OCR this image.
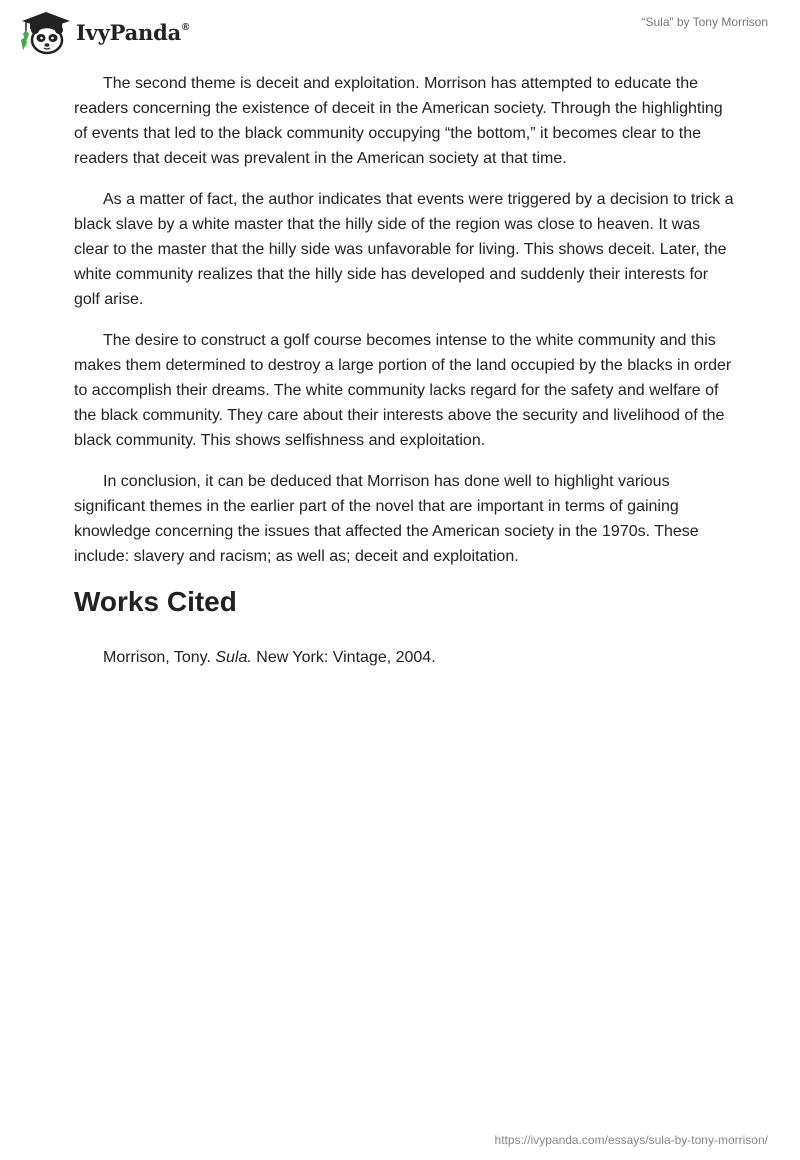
IvyPanda®	“Sula” by Tony Morrison

The second theme is deceit and exploitation. Morrison has attempted to educate the readers concerning the existence of deceit in the American society. Through the highlighting of events that led to the black community occupying “the bottom,” it becomes clear to the readers that deceit was prevalent in the American society at that time.

As a matter of fact, the author indicates that events were triggered by a decision to trick a black slave by a white master that the hilly side of the region was close to heaven. It was clear to the master that the hilly side was unfavorable for living. This shows deceit. Later, the white community realizes that the hilly side has developed and suddenly their interests for golf arise.

The desire to construct a golf course becomes intense to the white community and this makes them determined to destroy a large portion of the land occupied by the blacks in order to accomplish their dreams. The white community lacks regard for the safety and welfare of the black community. They care about their interests above the security and livelihood of the black community. This shows selfishness and exploitation.

In conclusion, it can be deduced that Morrison has done well to highlight various significant themes in the earlier part of the novel that are important in terms of gaining knowledge concerning the issues that affected the American society in the 1970s. These include: slavery and racism; as well as; deceit and exploitation.

Works Cited

Morrison, Tony. Sula. New York: Vintage, 2004.

https://ivypanda.com/essays/sula-by-tony-morrison/
